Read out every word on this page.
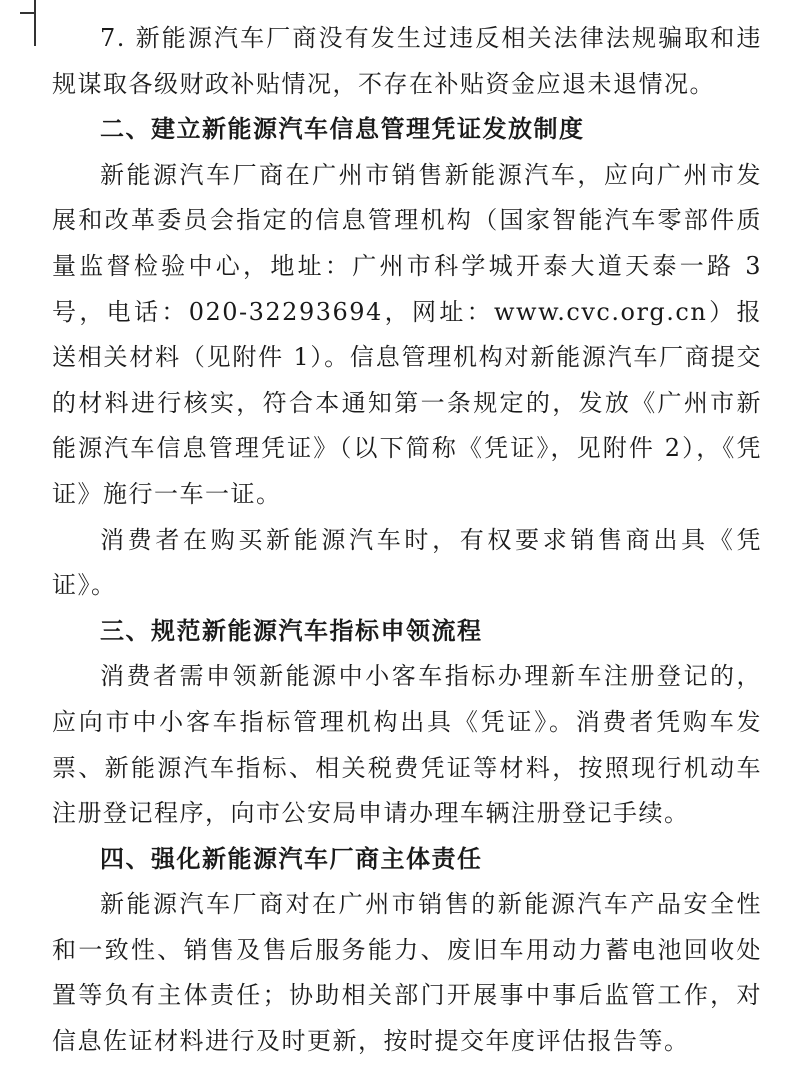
7. 新能源汽车厂商没有发生过违反相关法律法规骗取和违规谋取各级财政补贴情况，不存在补贴资金应退未退情况。

二、建立新能源汽车信息管理凭证发放制度

新能源汽车厂商在广州市销售新能源汽车，应向广州市发展和改革委员会指定的信息管理机构（国家智能汽车零部件质量监督检验中心，地址：广州市科学城开泰大道天泰一路 3 号，电话：020-32293694，网址：www.cvc.org.cn）报送相关材料（见附件 1）。信息管理机构对新能源汽车厂商提交的材料进行核实，符合本通知第一条规定的，发放《广州市新能源汽车信息管理凭证》（以下简称《凭证》，见附件 2），《凭证》施行一车一证。

消费者在购买新能源汽车时，有权要求销售商出具《凭证》。

三、规范新能源汽车指标申领流程

消费者需申领新能源中小客车指标办理新车注册登记的，应向市中小客车指标管理机构出具《凭证》。消费者凭购车发票、新能源汽车指标、相关税费凭证等材料，按照现行机动车注册登记程序，向市公安局申请办理车辆注册登记手续。

四、强化新能源汽车厂商主体责任

新能源汽车厂商对在广州市销售的新能源汽车产品安全性和一致性、销售及售后服务能力、废旧车用动力蓄电池回收处置等负有主体责任；协助相关部门开展事中事后监管工作，对信息佐证材料进行及时更新，按时提交年度评估报告等。
